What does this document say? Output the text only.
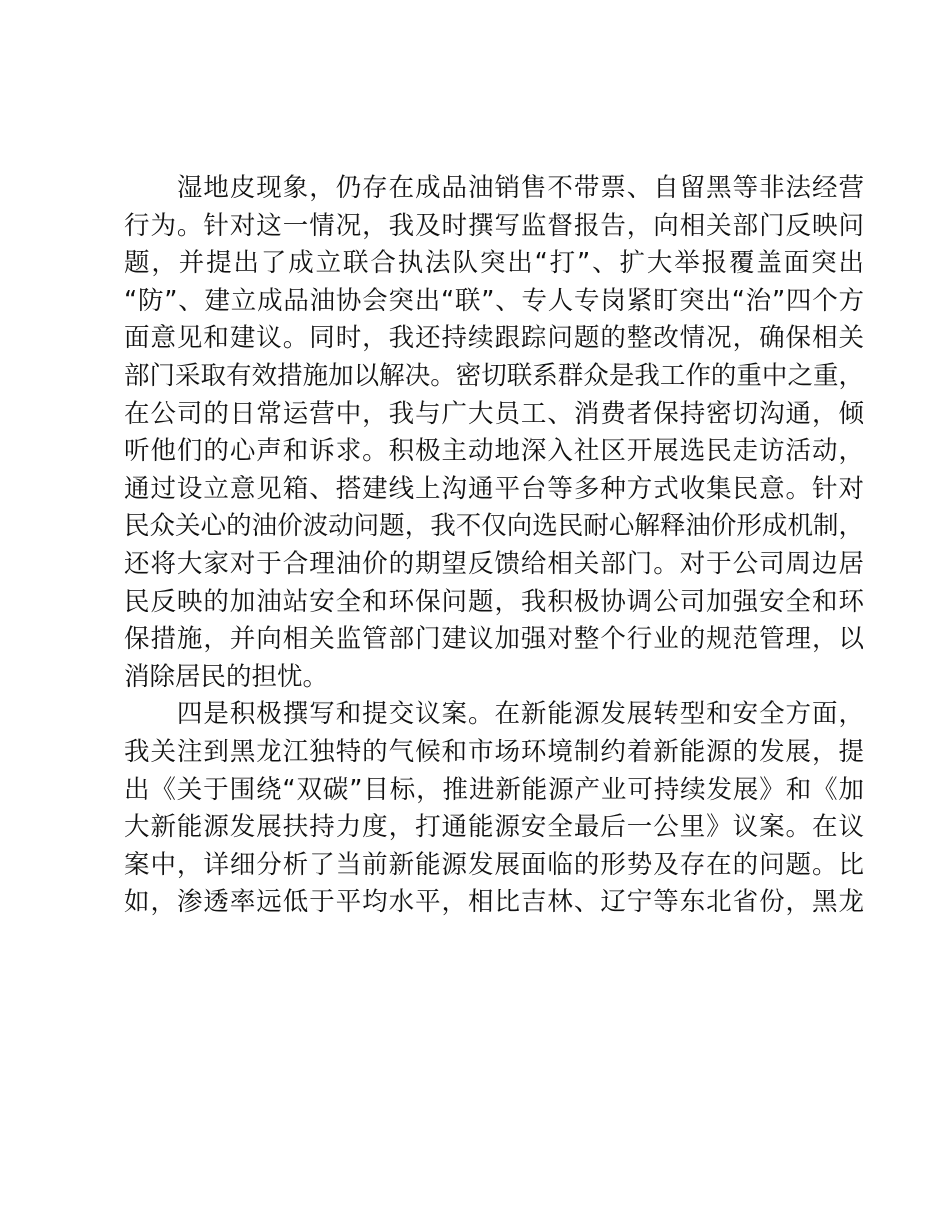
　　湿地皮现象，仍存在成品油销售不带票、自留黑等非法经营

行为。针对这一情况，我及时撰写监督报告，向相关部门反映问

题，并提出了成立联合执法队突出“打”、扩大举报覆盖面突出

“防”、建立成品油协会突出“联”、专人专岗紧盯突出“治”四个方

面意见和建议。同时，我还持续跟踪问题的整改情况，确保相关

部门采取有效措施加以解决。密切联系群众是我工作的重中之重，

在公司的日常运营中，我与广大员工、消费者保持密切沟通，倾

听他们的心声和诉求。积极主动地深入社区开展选民走访活动，

通过设立意见箱、搭建线上沟通平台等多种方式收集民意。针对

民众关心的油价波动问题，我不仅向选民耐心解释油价形成机制，

还将大家对于合理油价的期望反馈给相关部门。对于公司周边居

民反映的加油站安全和环保问题，我积极协调公司加强安全和环

保措施，并向相关监管部门建议加强对整个行业的规范管理，以

消除居民的担忧。

　　四是积极撰写和提交议案。在新能源发展转型和安全方面，

我关注到黑龙江独特的气候和市场环境制约着新能源的发展，提

出《关于围绕“双碳”目标，推进新能源产业可持续发展》和《加

大新能源发展扶持力度，打通能源安全最后一公里》议案。在议

案中，详细分析了当前新能源发展面临的形势及存在的问题。比

如，渗透率远低于平均水平，相比吉林、辽宁等东北省份，黑龙
